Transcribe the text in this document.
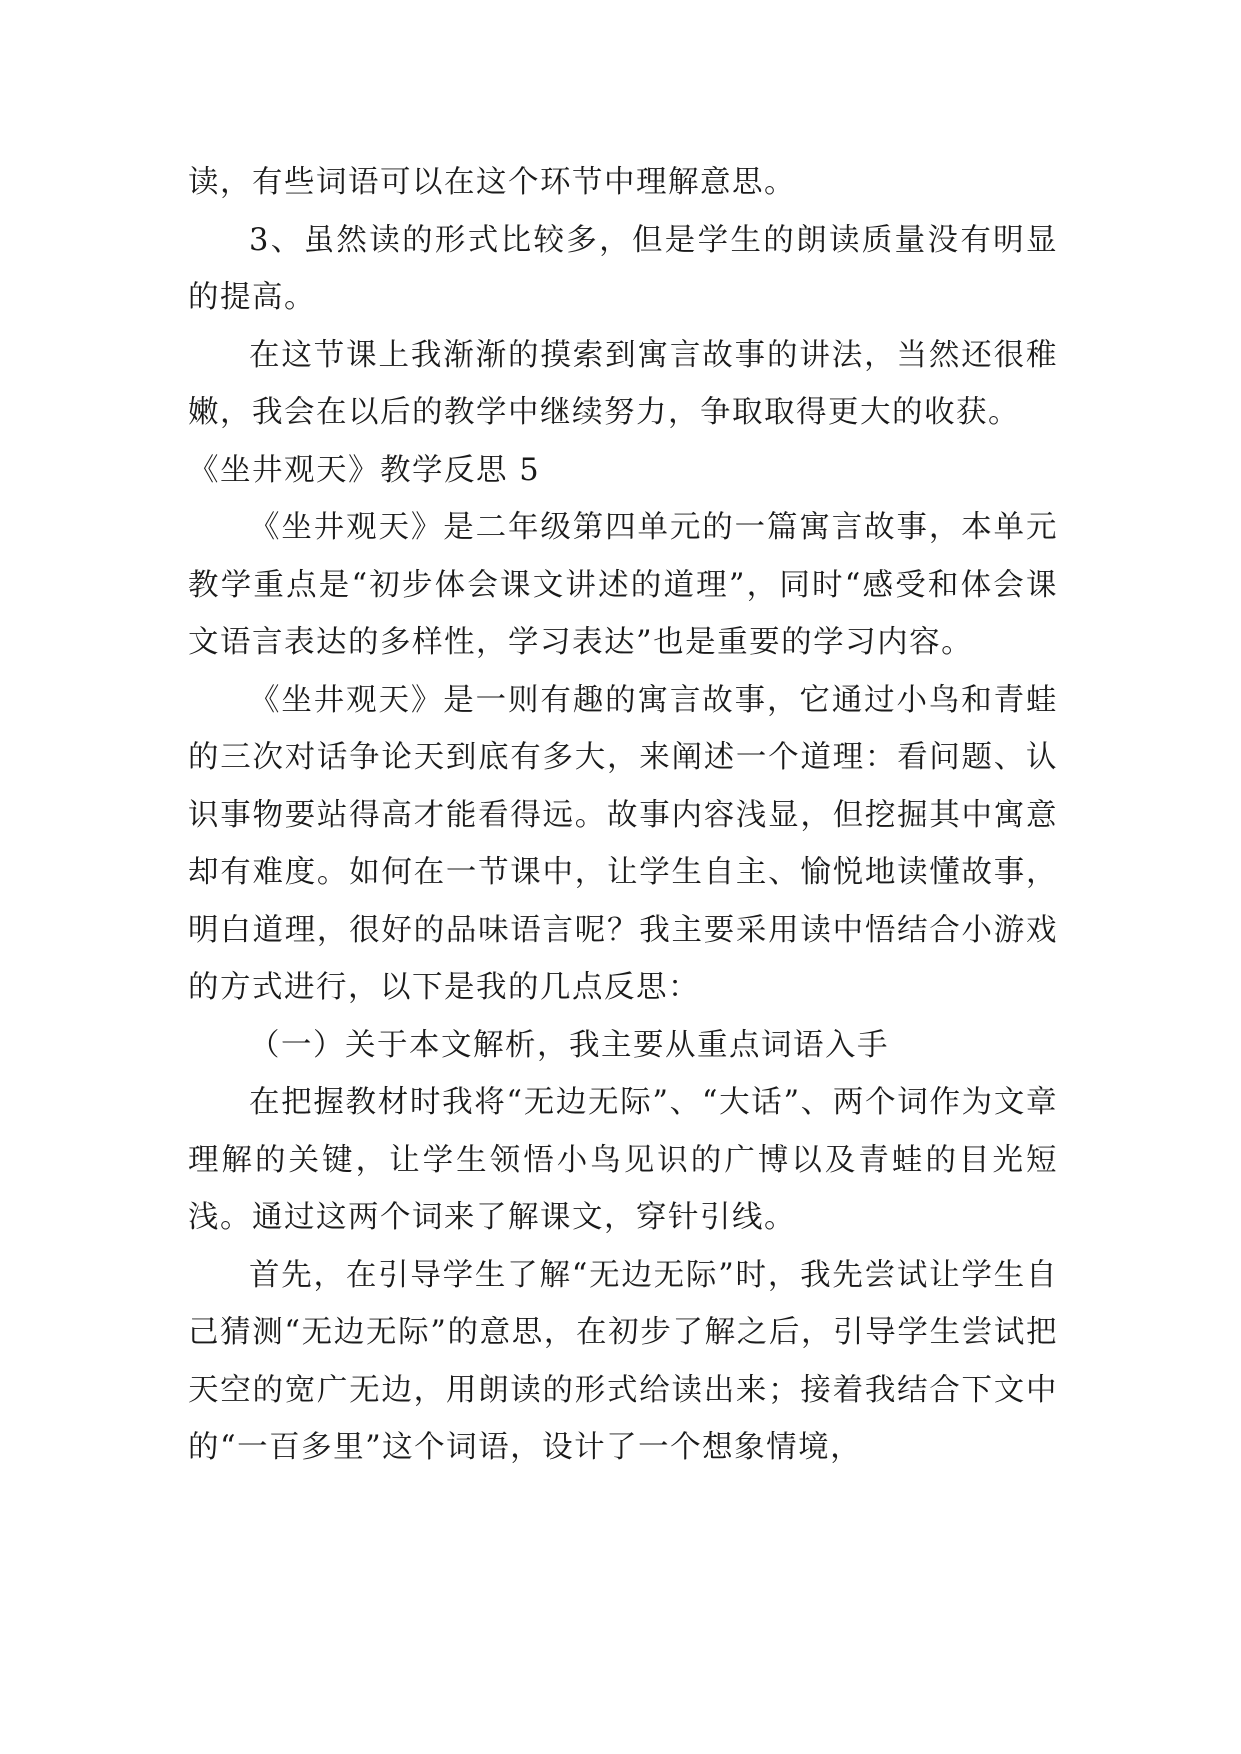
读，有些词语可以在这个环节中理解意思。

3、虽然读的形式比较多，但是学生的朗读质量没有明显的提高。

在这节课上我渐渐的摸索到寓言故事的讲法，当然还很稚嫩，我会在以后的教学中继续努力，争取取得更大的收获。

《坐井观天》教学反思 5

《坐井观天》是二年级第四单元的一篇寓言故事，本单元教学重点是“初步体会课文讲述的道理”，同时“感受和体会课文语言表达的多样性，学习表达”也是重要的学习内容。

《坐井观天》是一则有趣的寓言故事，它通过小鸟和青蛙的三次对话争论天到底有多大，来阐述一个道理：看问题、认识事物要站得高才能看得远。故事内容浅显，但挖掘其中寓意却有难度。如何在一节课中，让学生自主、愉悦地读懂故事，明白道理，很好的品味语言呢？我主要采用读中悟结合小游戏的方式进行，以下是我的几点反思：

（一）关于本文解析，我主要从重点词语入手

在把握教材时我将“无边无际”、“大话”、两个词作为文章理解的关键，让学生领悟小鸟见识的广博以及青蛙的目光短浅。通过这两个词来了解课文，穿针引线。

首先，在引导学生了解“无边无际”时，我先尝试让学生自己猜测“无边无际”的意思，在初步了解之后，引导学生尝试把天空的宽广无边，用朗读的形式给读出来；接着我结合下文中的“一百多里”这个词语，设计了一个想象情境，
